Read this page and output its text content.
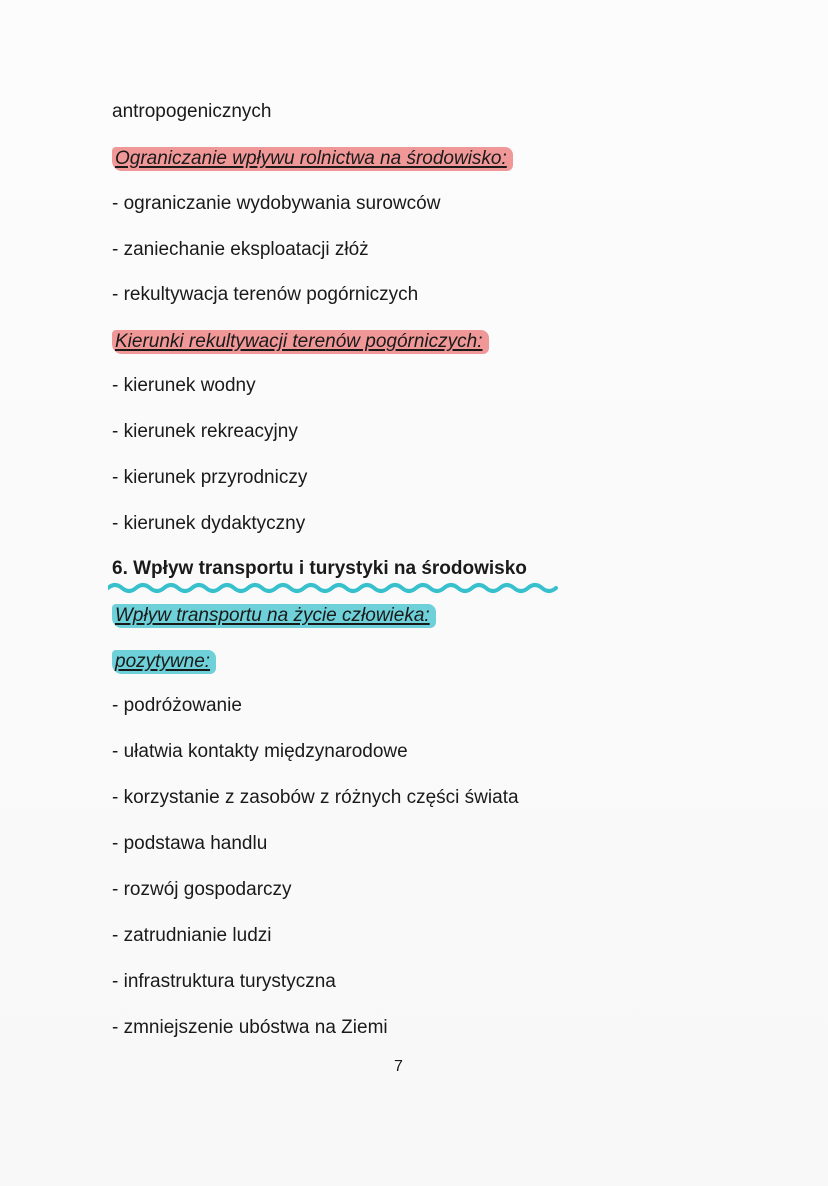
antropogenicznych
Ograniczanie wpływu rolnictwa na środowisko:
- ograniczanie wydobywania surowców
- zaniechanie eksploatacji złóż
- rekultywacja terenów pogórniczych
Kierunki rekultywacji terenów pogórniczych:
- kierunek wodny
- kierunek rekreacyjny
- kierunek przyrodniczy
- kierunek dydaktyczny
6. Wpływ transportu i turystyki na środowisko
Wpływ transportu na życie człowieka:
pozytywne:
- podróżowanie
- ułatwia kontakty międzynarodowe
- korzystanie z zasobów z różnych części świata
- podstawa handlu
- rozwój gospodarczy
- zatrudnianie ludzi
- infrastruktura turystyczna
- zmniejszenie ubóstwa na Ziemi
7
